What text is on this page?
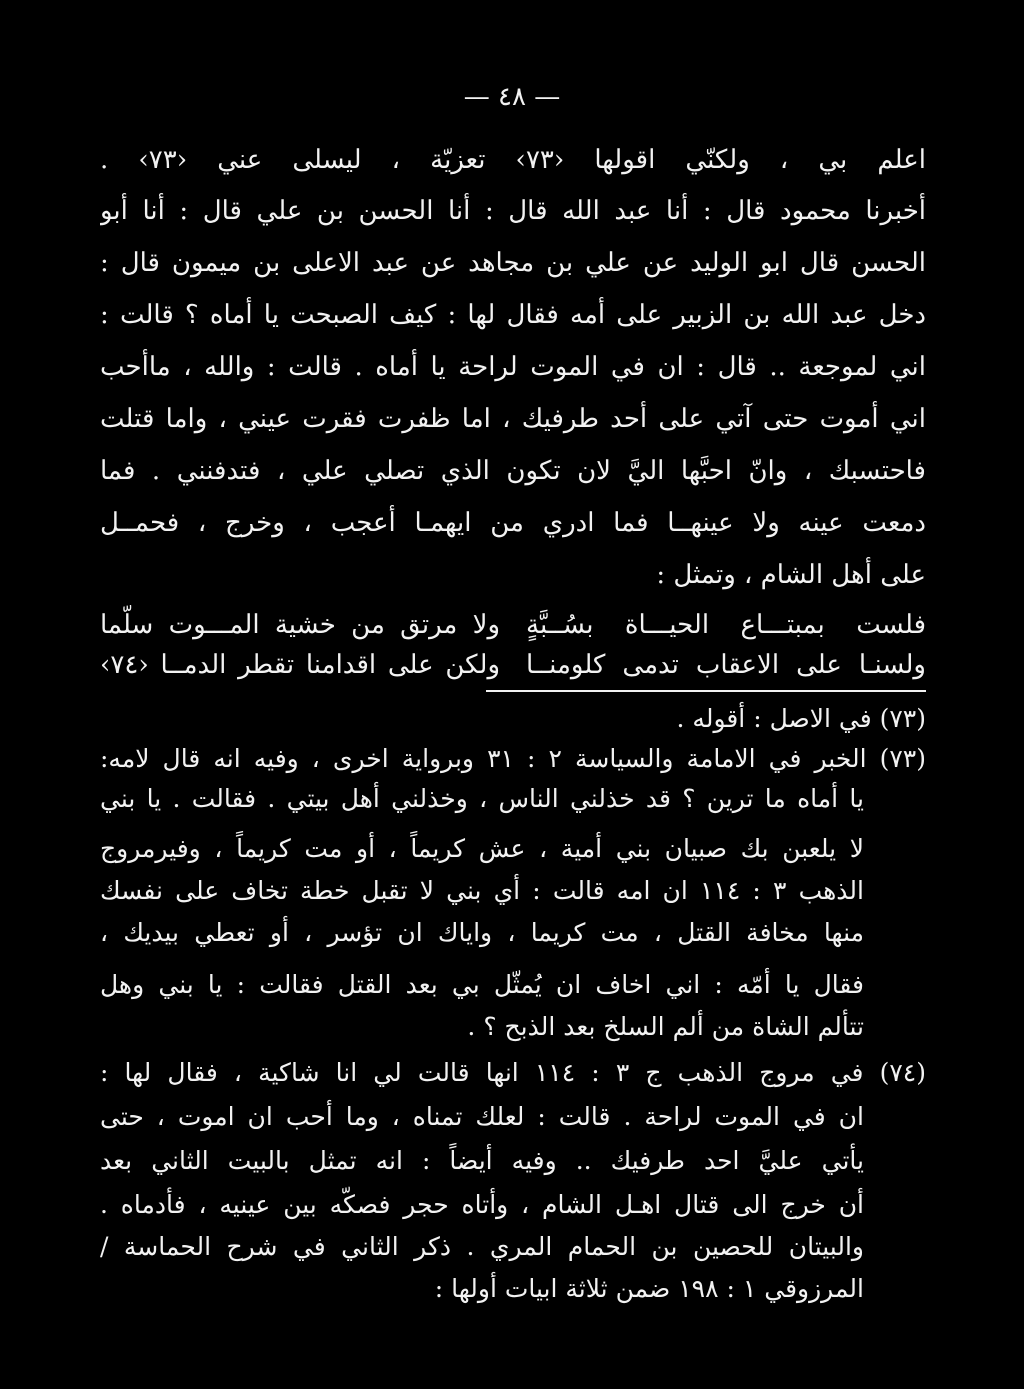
— ٤٨ —
اعلم بي ، ولكنّي اقولها ‹٧٣› تعزيّة ، ليسلى عني ‹٧٣› .
أخبرنا محمود قال : أنا عبد الله قال : أنا الحسن بن علي قال : أنا أبو
الحسن قال ابو الوليد عن علي بن مجاهد عن عبد الاعلى بن ميمون قال :
دخل عبد الله بن الزبير على أمه فقال لها : كيف الصبحت يا أماه ؟ قالت :
اني لموجعة .. قال : ان في الموت لراحة يا أماه . قالت : والله ، ماأحب
اني أموت حتى آتي على أحد طرفيك ، اما ظفرت فقرت عيني ، واما قتلت
فاحتسبك ، وانّ احبَّها اليَّ لان تكون الذي تصلي علي ، فتدفنني . فما
دمعت عينه ولا عينهــا فما ادري من ايهمـا أعجب ، وخرج ، فحمــل
على أهل الشام ، وتمثل :
فلست بمبتـــاع الحيـــاة بسُــبَّةٍ
ولا مرتق من خشية المـــوت سلّما
ولسنـا على الاعقاب تدمى كلومنــا
ولكن على اقدامنا تقطر الدمــا ‹٧٤›
(٧٣) في الاصل : أقوله .
(٧٣) الخبر في الامامة والسياسة ٢ : ٣١ وبرواية اخرى ، وفيه انه قال لامه:
يا أماه ما ترين ؟ قد خذلني الناس ، وخذلني أهل بيتي . فقالت . يا بني
لا يلعبن بك صبيان بني أمية ، عش كريماً ، أو مت كريماً ، وفيرمروج
الذهب ٣ : ١١٤ ان امه قالت : أي بني لا تقبل خطة تخاف على نفسك
منها مخافة القتل ، مت كريما ، واياك ان تؤسر ، أو تعطي بيديك ،
فقال يا أمّه : اني اخاف ان يُمثّل بي بعد القتل فقالت : يا بني وهل
تتألم الشاة من ألم السلخ بعد الذبح ؟ .
(٧٤) في مروج الذهب ج ٣ : ١١٤ انها قالت لي انا شاكية ، فقال لها :
ان في الموت لراحة . قالت : لعلك تمناه ، وما أحب ان اموت ، حتى
يأتي عليَّ احد طرفيك .. وفيه أيضاً : انه تمثل بالبيت الثاني بعد
أن خرج الى قتال اهـل الشام ، وأتاه حجر فصكّه بين عينيه ، فأدماه .
والبيتان للحصين بن الحمام المري . ذكر الثاني في شرح الحماسة /
المرزوقي ١ : ١٩٨ ضمن ثلاثة ابيات أولها :
